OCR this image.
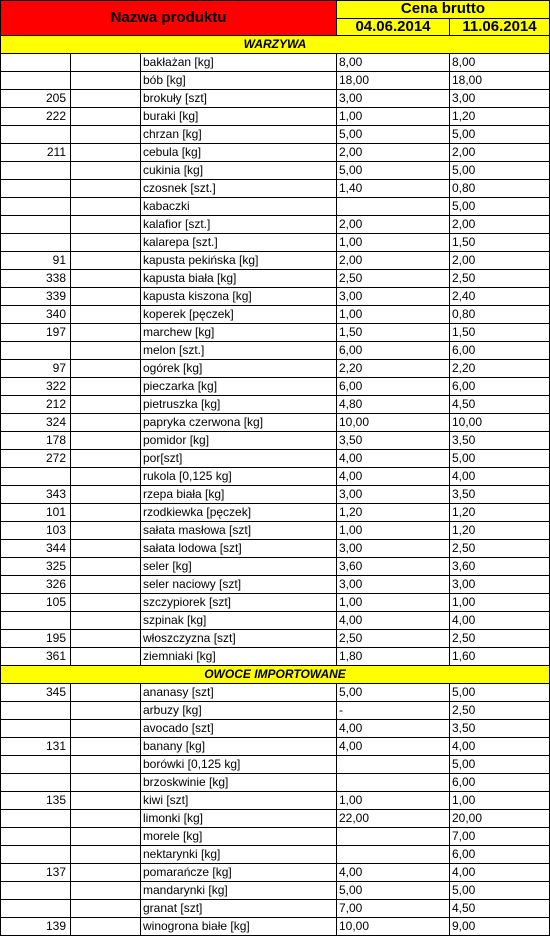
Nazwa produktu			Cena brutto	
			04.06.2014	11.06.2014
WARZYWA				
		bakłażan [kg]	8,00	8,00
		bób [kg]	18,00	18,00
205		brokuły [szt]	3,00	3,00
222		buraki [kg]	1,00	1,20
		chrzan [kg]	5,00	5,00
211		cebula [kg]	2,00	2,00
		cukinia [kg]	5,00	5,00
		czosnek [szt.]	1,40	0,80
		kabaczki		5,00
		kalafior [szt.]	2,00	2,00
		kalarepa [szt.]	1,00	1,50
91		kapusta pekińska [kg]	2,00	2,00
338		kapusta biała [kg]	2,50	2,50
339		kapusta kiszona [kg]	3,00	2,40
340		koperek [pęczek]	1,00	0,80
197		marchew [kg]	1,50	1,50
		melon [szt.]	6,00	6,00
97		ogórek [kg]	2,20	2,20
322		pieczarka [kg]	6,00	6,00
212		pietruszka [kg]	4,80	4,50
324		papryka czerwona [kg]	10,00	10,00
178		pomidor [kg]	3,50	3,50
272		por[szt]	4,00	5,00
		rukola [0,125 kg]	4,00	4,00
343		rzepa biała [kg]	3,00	3,50
101		rzodkiewka [pęczek]	1,20	1,20
103		sałata masłowa [szt]	1,00	1,20
344		sałata lodowa [szt]	3,00	2,50
325		seler [kg]	3,60	3,60
326		seler naciowy [szt]	3,00	3,00
105		szczypiorek [szt]	1,00	1,00
		szpinak [kg]	4,00	4,00
195		włoszczyzna [szt]	2,50	2,50
361		ziemniaki [kg]	1,80	1,60
OWOCE IMPORTOWANE				
345		ananasy [szt]	5,00	5,00
		arbuzy [kg]	-	2,50
		avocado [szt]	4,00	3,50
131		banany [kg]	4,00	4,00
		borówki [0,125 kg]		5,00
		brzoskwinie [kg]		6,00
135		kiwi [szt]	1,00	1,00
		limonki [kg]	22,00	20,00
		morele [kg]		7,00
		nektarynki [kg]		6,00
137		pomarańcze [kg]	4,00	4,00
		mandarynki [kg]	5,00	5,00
		granat [szt]	7,00	4,50
139		winogrona białe [kg]	10,00	9,00
